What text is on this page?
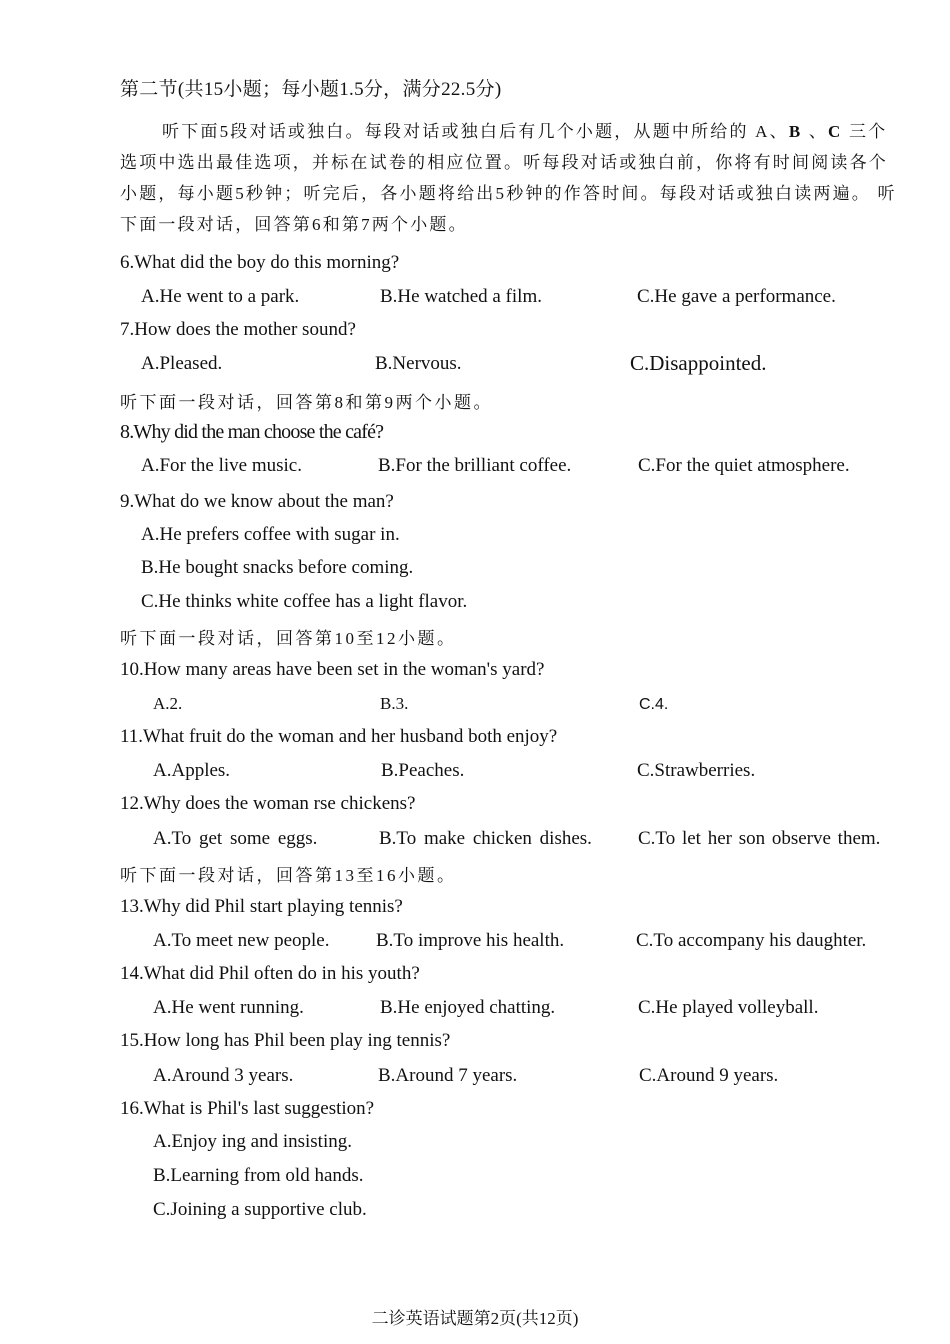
第二节(共15小题；每小题1.5分，满分22.5分)
听下面5段对话或独白。每段对话或独白后有几个小题，从题中所给的 A、B 、C 三个 选项中选出最佳选项，并标在试卷的相应位置。听每段对话或独白前，你将有时间阅读各个 小题，每小题5秒钟；听完后，各小题将给出5秒钟的作答时间。每段对话或独白读两遍。 听下面一段对话，回答第6和第7两个小题。
6.What did the boy do this morning?
A.He went to a park.	B.He watched a film.	C.He gave a performance.
7.How does the mother sound?
A.Pleased.	B.Nervous.	C.Disappointed.
听下面一段对话，回答第8和第9两个小题。
8.Why did the man choose the café?
A.For the live music.	B.For the brilliant coffee.	C.For the quiet atmosphere.
9.What do we know about the man?
A.He prefers coffee with sugar in.
B.He bought snacks before coming.
C.He thinks white coffee has a light flavor.
听下面一段对话，回答第10至12小题。
10.How many areas have been set in the woman's yard?
A.2.	B.3.	C.4.
11.What fruit do the woman and her husband both enjoy?
A.Apples.	B.Peaches.	C.Strawberries.
12.Why does the woman rse chickens?
A.To get some eggs.	B.To make chicken dishes. C.To let her son observe them.
听下面一段对话，回答第13至16小题。
13.Why did Phil start playing tennis?
A.To meet new people. B.To improve his health.	C.To accompany his daughter.
14.What did Phil often do in his youth?
A.He went running.	B.He enjoyed chatting.	C.He played volleyball.
15.How long has Phil been play ing tennis?
A.Around 3 years.	B.Around 7 years.	C.Around 9 years.
16.What is Phil's last suggestion?
A.Enjoy ing and insisting.
B.Learning from old hands.
C.Joining a supportive club.
二诊英语试题第2页(共12页)
